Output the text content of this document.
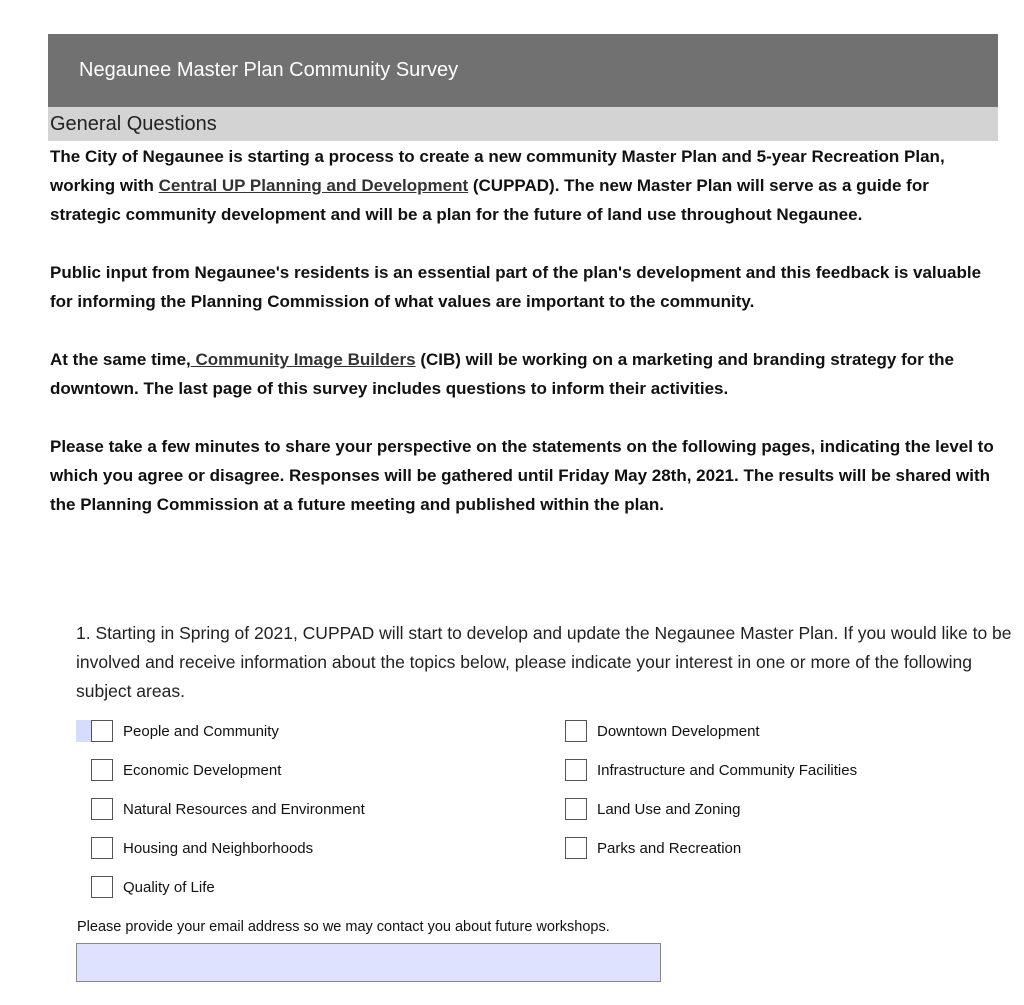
Negaunee Master Plan Community Survey
General Questions

The City of Negaunee is starting a process to create a new community Master Plan and 5-year Recreation Plan, working with Central UP Planning and Development (CUPPAD). The new Master Plan will serve as a guide for strategic community development and will be a plan for the future of land use throughout Negaunee.

Public input from Negaunee's residents is an essential part of the plan's development and this feedback is valuable for informing the Planning Commission of what values are important to the community.

At the same time, Community Image Builders (CIB) will be working on a marketing and branding strategy for the downtown. The last page of this survey includes questions to inform their activities.

Please take a few minutes to share your perspective on the statements on the following pages, indicating the level to which you agree or disagree. Responses will be gathered until Friday May 28th, 2021. The results will be shared with the Planning Commission at a future meeting and published within the plan.

1. Starting in Spring of 2021, CUPPAD will start to develop and update the Negaunee Master Plan. If you would like to be involved and receive information about the topics below, please indicate your interest in one or more of the following subject areas.
People and Community
Economic Development
Natural Resources and Environment
Housing and Neighborhoods
Quality of Life
Downtown Development
Infrastructure and Community Facilities
Land Use and Zoning
Parks and Recreation
Please provide your email address so we may contact you about future workshops.
